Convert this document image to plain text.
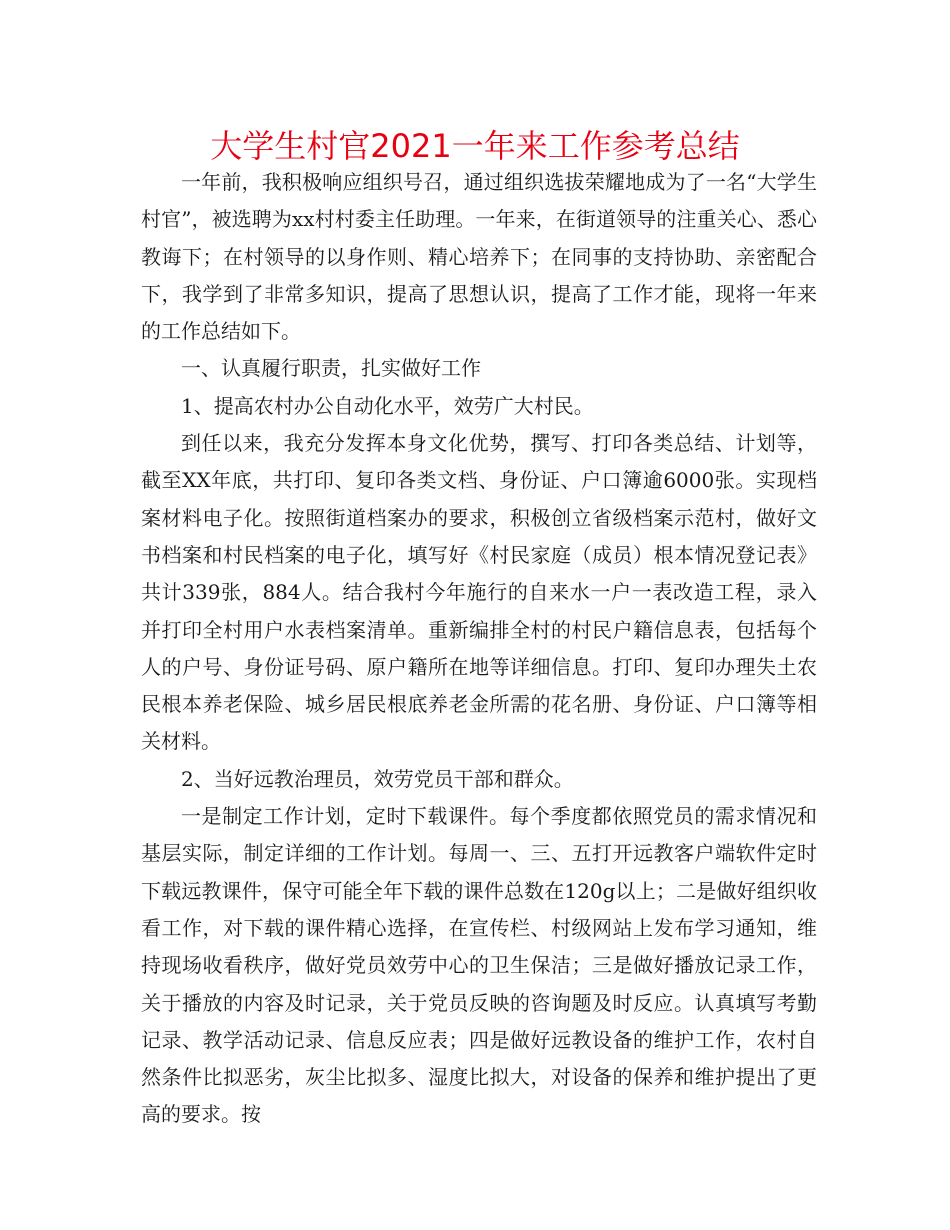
大学生村官2021一年来工作参考总结

一年前，我积极响应组织号召，通过组织选拔荣耀地成为了一名“大学生村官”，被选聘为xx村村委主任助理。一年来，在街道领导的注重关心、悉心教诲下；在村领导的以身作则、精心培养下；在同事的支持协助、亲密配合下，我学到了非常多知识，提高了思想认识，提高了工作才能，现将一年来的工作总结如下。

一、认真履行职责，扎实做好工作

1、提高农村办公自动化水平，效劳广大村民。

到任以来，我充分发挥本身文化优势，撰写、打印各类总结、计划等，截至XX年底，共打印、复印各类文档、身份证、户口簿逾6000张。实现档案材料电子化。按照街道档案办的要求，积极创立省级档案示范村，做好文书档案和村民档案的电子化，填写好《村民家庭（成员）根本情况登记表》共计339张，884人。结合我村今年施行的自来水一户一表改造工程，录入并打印全村用户水表档案清单。重新编排全村的村民户籍信息表，包括每个人的户号、身份证号码、原户籍所在地等详细信息。打印、复印办理失土农民根本养老保险、城乡居民根底养老金所需的花名册、身份证、户口簿等相关材料。

2、当好远教治理员，效劳党员干部和群众。

一是制定工作计划，定时下载课件。每个季度都依照党员的需求情况和基层实际，制定详细的工作计划。每周一、三、五打开远教客户端软件定时下载远教课件，保守可能全年下载的课件总数在120g以上；二是做好组织收看工作，对下载的课件精心选择，在宣传栏、村级网站上发布学习通知，维持现场收看秩序，做好党员效劳中心的卫生保洁；三是做好播放记录工作，关于播放的内容及时记录，关于党员反映的咨询题及时反应。认真填写考勤记录、教学活动记录、信息反应表；四是做好远教设备的维护工作，农村自然条件比拟恶劣，灰尘比拟多、湿度比拟大，对设备的保养和维护提出了更高的要求。按
